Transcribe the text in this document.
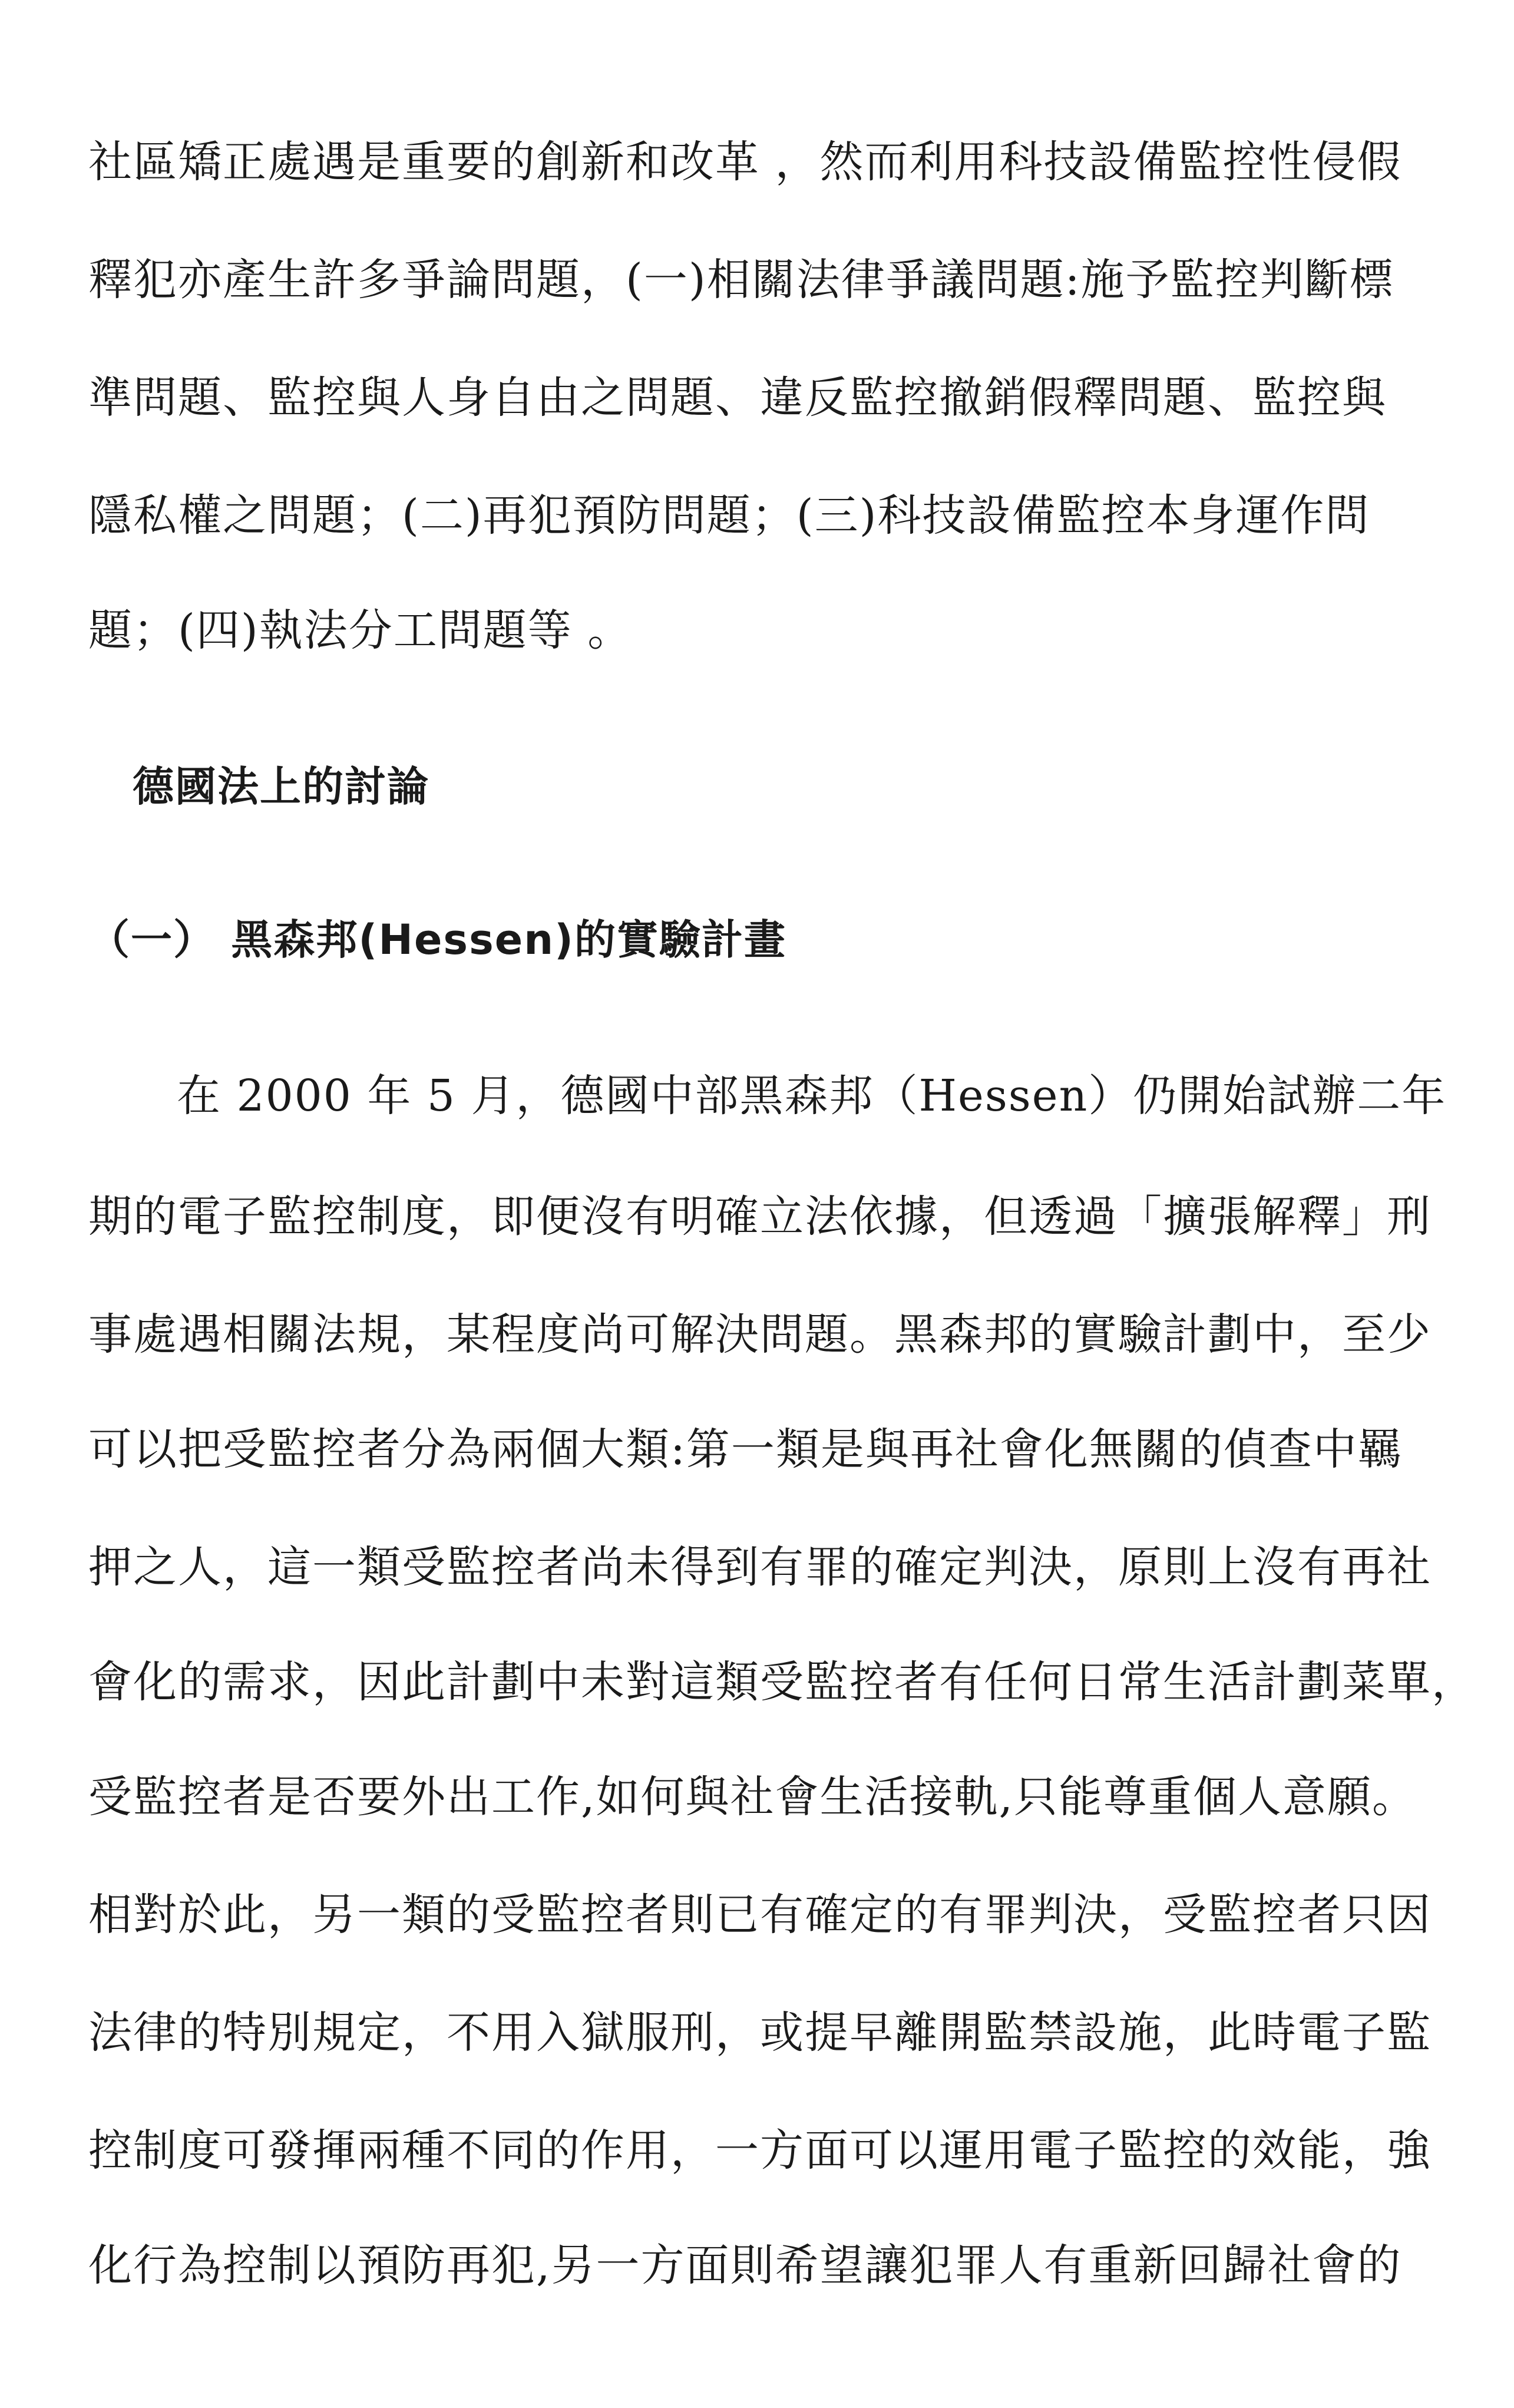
社區矯正處遇是重要的創新和改革 ，然而利用科技設備監控性侵假
釋犯亦產生許多爭論問題，(一)相關法律爭議問題:施予監控判斷標
準問題、監控與人身自由之問題、違反監控撤銷假釋問題、監控與
隱私權之問題；(二)再犯預防問題；(三)科技設備監控本身運作問
題；(四)執法分工問題等 。
德國法上的討論
（一） 黑森邦(Hessen)的實驗計畫
在 2000 年 5 月，德國中部黑森邦（Hessen）仍開始試辦二年
期的電子監控制度，即便沒有明確立法依據，但透過「擴張解釋」刑
事處遇相關法規，某程度尚可解決問題。黑森邦的實驗計劃中，至少
可以把受監控者分為兩個大類:第一類是與再社會化無關的偵查中羈
押之人，這一類受監控者尚未得到有罪的確定判決，原則上沒有再社
會化的需求，因此計劃中未對這類受監控者有任何日常生活計劃菜單，
受監控者是否要外出工作,如何與社會生活接軌,只能尊重個人意願。
相對於此，另一類的受監控者則已有確定的有罪判決，受監控者只因
法律的特別規定，不用入獄服刑，或提早離開監禁設施，此時電子監
控制度可發揮兩種不同的作用，一方面可以運用電子監控的效能，強
化行為控制以預防再犯,另一方面則希望讓犯罪人有重新回歸社會的
